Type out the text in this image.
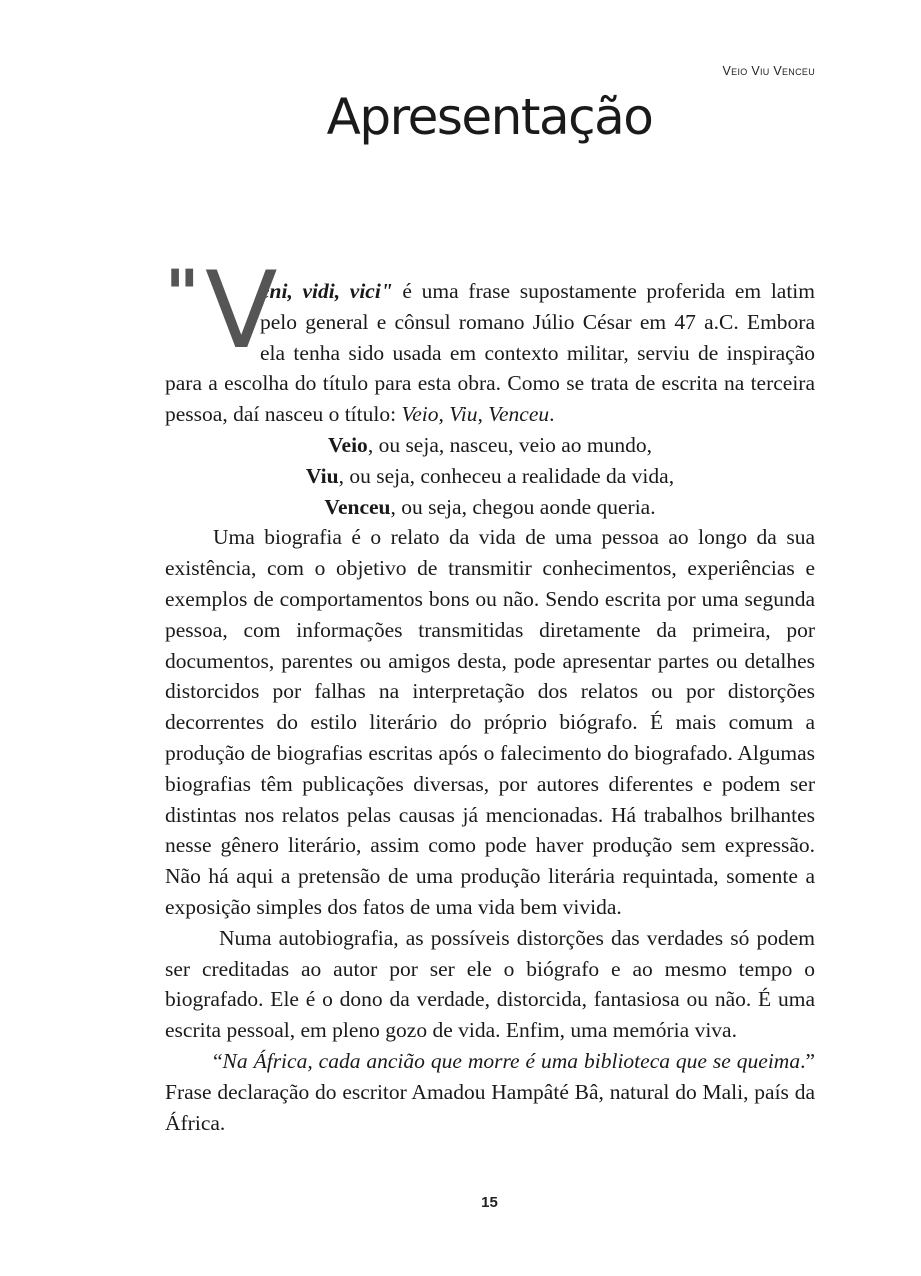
Veio Viu Venceu
Apresentação

" V
eni, vidi, vici" é uma frase supostamente proferida em latim pelo general e cônsul romano Júlio César em 47 a.C. Embora ela tenha sido usada em contexto militar, serviu de inspiração para a escolha do título para esta obra. Como se trata de escrita na terceira pessoa, daí nasceu o título: Veio, Viu, Venceu.

Veio, ou seja, nasceu, veio ao mundo,

Viu, ou seja, conheceu a realidade da vida,

Venceu, ou seja, chegou aonde queria.

Uma biografia é o relato da vida de uma pessoa ao longo da sua existência, com o objetivo de transmitir conhecimentos, experiências e exemplos de comportamentos bons ou não. Sendo escrita por uma segunda pessoa, com informações transmitidas diretamente da primeira, por documentos, parentes ou amigos desta, pode apresentar partes ou detalhes distorcidos por falhas na interpretação dos relatos ou por distorções decorrentes do estilo literário do próprio biógrafo. É mais comum a produção de biografias escritas após o falecimento do biografado. Algumas biografias têm publicações diversas, por autores diferentes e podem ser distintas nos relatos pelas causas já mencionadas. Há trabalhos brilhantes nesse gênero literário, assim como pode haver produção sem expressão. Não há aqui a pretensão de uma produção literária requintada, somente a exposição simples dos fatos de uma vida bem vivida.

Numa autobiografia, as possíveis distorções das verdades só podem ser creditadas ao autor por ser ele o biógrafo e ao mesmo tempo o biografado. Ele é o dono da verdade, distorcida, fantasiosa ou não. É uma escrita pessoal, em pleno gozo de vida. Enfim, uma memória viva.

“Na África, cada ancião que morre é uma biblioteca que se queima.” Frase declaração do escritor Amadou Hampâté Bâ, natural do Mali, país da África.

15
